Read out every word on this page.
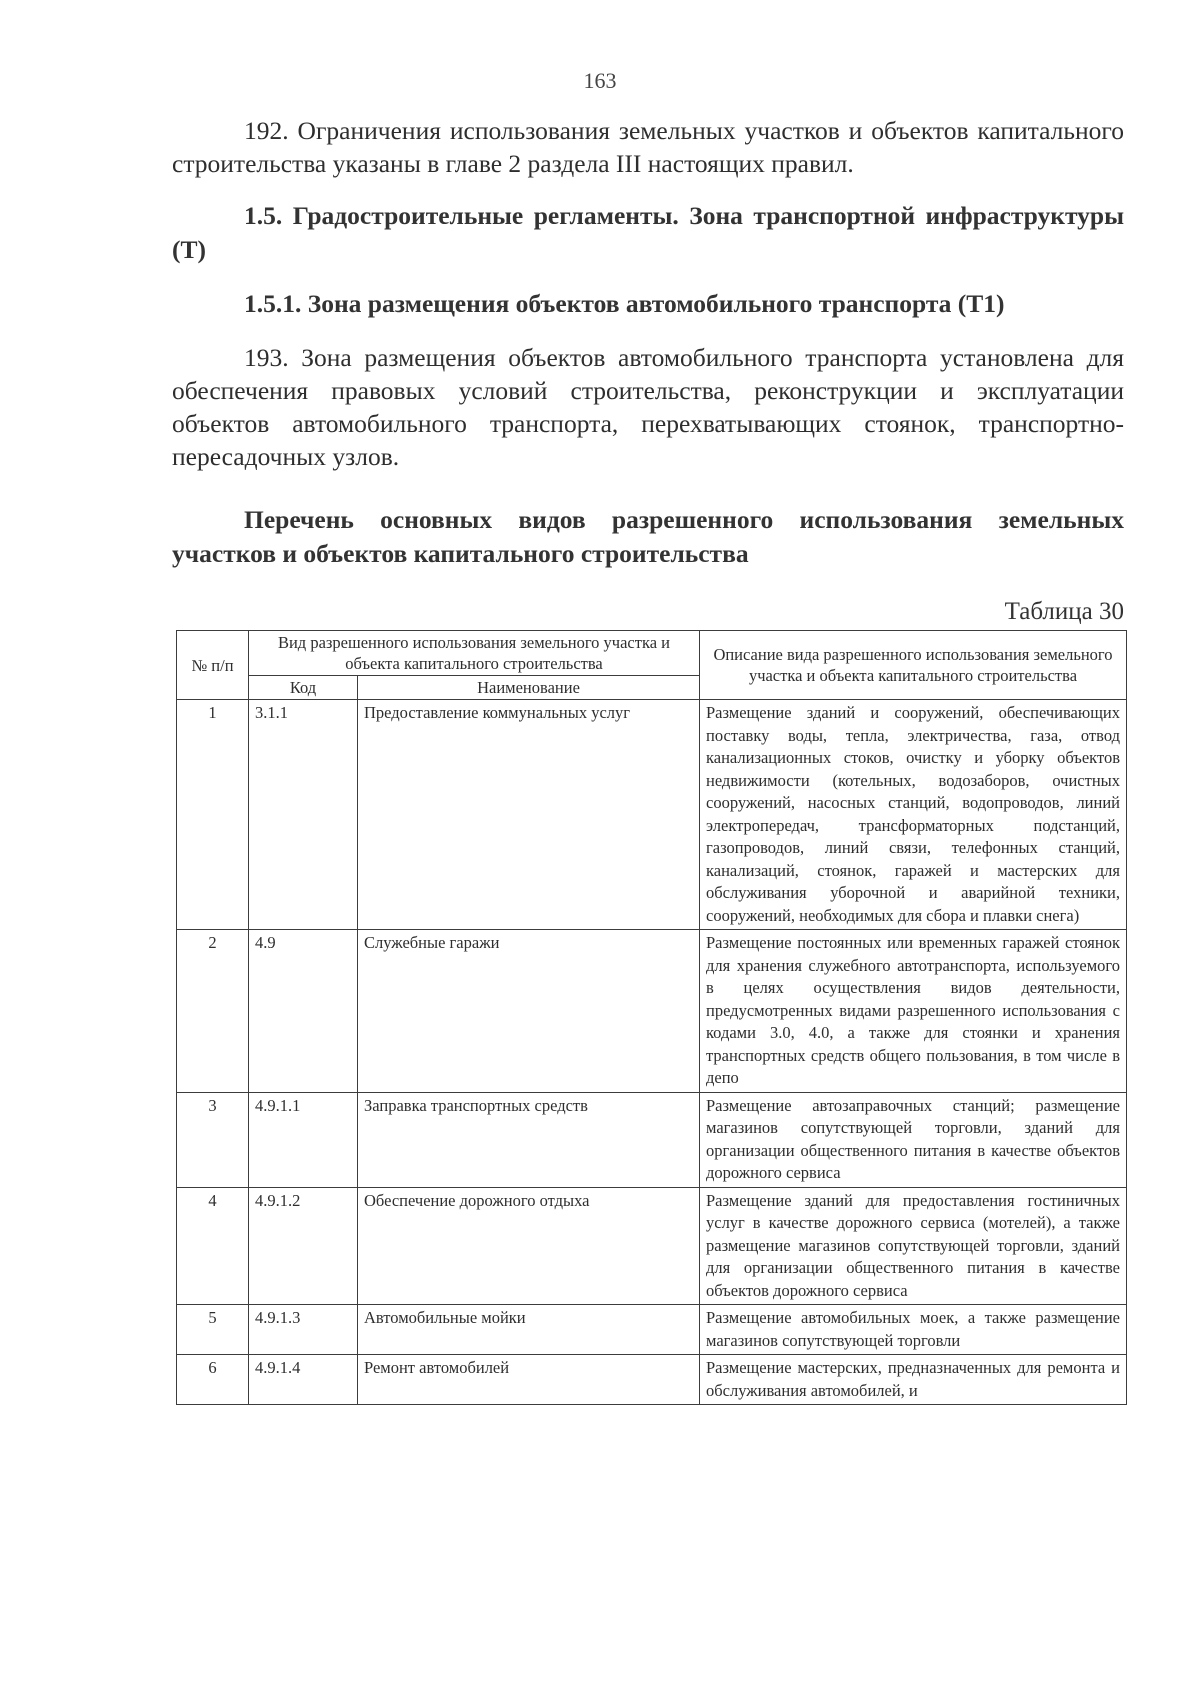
163
192. Ограничения использования земельных участков и объектов капитального строительства указаны в главе 2 раздела III настоящих правил.
1.5. Градостроительные регламенты. Зона транспортной инфраструктуры (Т)
1.5.1. Зона размещения объектов автомобильного транспорта (Т1)
193. Зона размещения объектов автомобильного транспорта установлена для обеспечения правовых условий строительства, реконструкции и эксплуатации объектов автомобильного транспорта, перехватывающих стоянок, транспортно-пересадочных узлов.
Перечень основных видов разрешенного использования земельных участков и объектов капитального строительства
Таблица 30
№ п/п	Вид разрешенного использования земельного участка и объекта капитального строительства		Описание вида разрешенного использования земельного участка и объекта капитального строительства
	Код	Наименование	
1	3.1.1	Предоставление коммунальных услуг	Размещение зданий и сооружений, обеспечивающих поставку воды, тепла, электричества, газа, отвод канализационных стоков, очистку и уборку объектов недвижимости (котельных, водозаборов, очистных сооружений, насосных станций, водопроводов, линий электропередач, трансформаторных подстанций, газопроводов, линий связи, телефонных станций, канализаций, стоянок, гаражей и мастерских для обслуживания уборочной и аварийной техники, сооружений, необходимых для сбора и плавки снега)
2	4.9	Служебные гаражи	Размещение постоянных или временных гаражей стоянок для хранения служебного автотранспорта, используемого в целях осуществления видов деятельности, предусмотренных видами разрешенного использования с кодами 3.0, 4.0, а также для стоянки и хранения транспортных средств общего пользования, в том числе в депо
3	4.9.1.1	Заправка транспортных средств	Размещение автозаправочных станций; размещение магазинов сопутствующей торговли, зданий для организации общественного питания в качестве объектов дорожного сервиса
4	4.9.1.2	Обеспечение дорожного отдыха	Размещение зданий для предоставления гостиничных услуг в качестве дорожного сервиса (мотелей), а также размещение магазинов сопутствующей торговли, зданий для организации общественного питания в качестве объектов дорожного сервиса
5	4.9.1.3	Автомобильные мойки	Размещение автомобильных моек, а также размещение магазинов сопутствующей торговли
6	4.9.1.4	Ремонт автомобилей	Размещение мастерских, предназначенных для ремонта и обслуживания автомобилей, и
